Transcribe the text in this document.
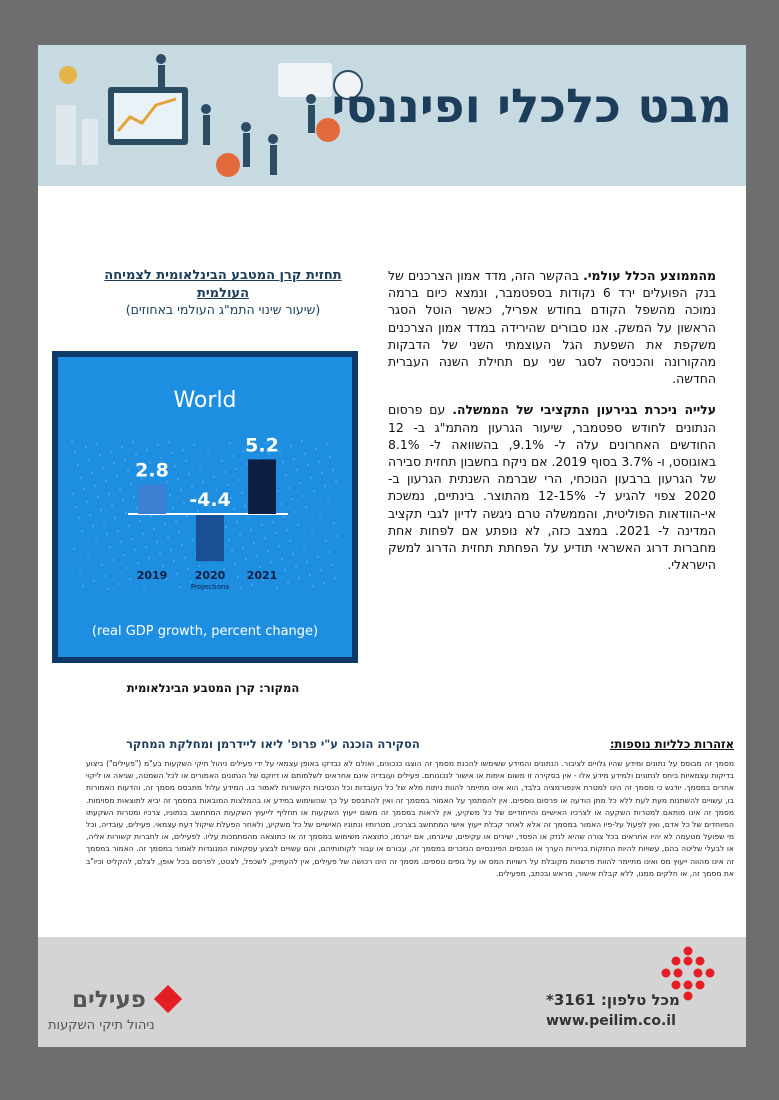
מבט כלכלי ופיננסי

מהממוצע הכלל עולמי. בהקשר הזה, מדד אמון הצרכנים של בנק הפועלים ירד 6 נקודות בספטמבר, ונמצא כיום ברמה נמוכה מהשפל הקודם בחודש אפריל, כאשר הוטל הסגר הראשון על המשק. אנו סבורים שהירידה במדד אמון הצרכנים משקפת את השפעת הגל העוצמתי השני של הדבקות מהקורונה והכניסה לסגר שני עם תחילת השנה העברית החדשה.

עלייה ניכרת בגירעון התקציבי של הממשלה. עם פרסום הנתונים לחודש ספטמבר, שיעור הגרעון מהתמ"ג ב- 12 החודשים האחרונים עלה ל- 9.1%, בהשוואה ל- 8.1% באוגוסט, ו- 3.7% בסוף 2019. אם ניקח בחשבון תחזית סבירה של הגרעון ברבעון הנוכחי, הרי שברמה השנתית הגרעון ב- 2020 צפוי להגיע ל- 12-15% מהתוצר. בינתיים, נמשכת אי-הוודאות הפוליטית, והממשלה טרם ניגשה לדיון לגבי תקציב המדינה ל- 2021. במצב כזה, לא נופתע אם לפחות אחת מחברות דרוג האשראי תודיע על הפחתת תחזית הדרוג למשק הישראלי.

תחזית קרן המטבע הבינלאומית לצמיחה העולמית
(שיעור שינוי התמ"ג העולמי באחוזים)
World
2.8
2019
-4.4
2020
5.2
2021
Projections
(real GDP growth, percent change)
המקור: קרן המטבע הבינלאומית
אזהרות כלליות נוספות:
הסקירה הוכנה ע"י פרופ' ליאו ליידרמן ומחלקת המחקר
מסמך זה מבוסס על נתונים ומידע שהיו גלויים לציבור. הנתונים והמידע ששימשו להכנת מסמך זה הוצגו כנכונים, ואולם לא נבדקו באופן עצמאי על ידי פעילים ניהול תיקי השקעות בע"מ ("פעילים") ביצוע בדיקות עצמאיות ביחס לנתונים ולמידע מידע אלו - אין בסקירה זו משום אימות או אישור לנכונותם. פעילים ועובדיה אינם אחראים לשלמותם או דיוקם של הנתונים האמורים או לכל השמטה, שגיאה או ליקוי אחרים במסמך. יודגש כי מסמך זה הינו למטרת אינפורמציה בלבד, הוא אינו מתיימר להוות ניתוח מלא של כל העובדות וכל הנסיבות הקשורות לאמור בו. המידע עלול מתבסס מסמך זה, והדעות האמורות בו, עשויים להשתנות מעת לעת ללא כל מתן הודעה או פרסום נוספים. אין להסתמך על האמור במסמך זה ואין להתבסס על כך שהשימוש במידע או בהמלצות המובאות במסמך זה יביא לתוצאות מסוימות. מסמך זה אינו מותאם למטרות השקעה או לצרכיו האישיים והייחודיים של כל משקיע, אין לראות במסמך זה משום ייעוץ השקעות או תחליף לייעוץ השקעות המתחשב בנתוניו, צרכיו ומטרות השקעתו המיוחדים של כל אדם, ואין לפעול על-פיו האמור במסמך זה אלא לאחר קבלת ייעוץ אישי המתחשב בצרכיו, מטרותיו ונתוניו האישיים של כל משקיע, ולאחר הפעלת שיקול דעת עצמאי. פעילים, עובדיה, וכל מי שפועל מטעמה לא יהיו אחראים בכל צורה שהיא לנזק או הפסד, ישירים או עקיפים, שייגרמו, אם ייגרמו, כתוצאה משימוש במסמך זה או כתוצאה מהסתמכות עליו. לפעילים, או לחברות קשורות אליה, או לבעלי שליטה בהם, עשויות להיות החזקות בניירות הערך או הנכסים הפיננסיים הנזכרים במסמך זה, עבורם או עבור לקוחותיהם, והם עשויים לבצע עסקאות המנוגדות לאמור במסמך זה. האמור במסמך זה אינו מהווה ייעוץ מס ואינו מתיימר להוות פרשנות מקובלת על רשויות המס או על גופים נוספים. מסמך זה הינו רכושה של פעילים, אין להעתיק, לשכפל, לצטט, לפרסם בכל אופן, לצלם, להקליט וכיו"ב את מסמך זה, או חלקים ממנו, ללא קבלת אישור, מראש ובכתב, מפעילים.
מכל טלפון: 3161*
www.peilim.co.il
פעילים
ניהול תיקי השקעות
